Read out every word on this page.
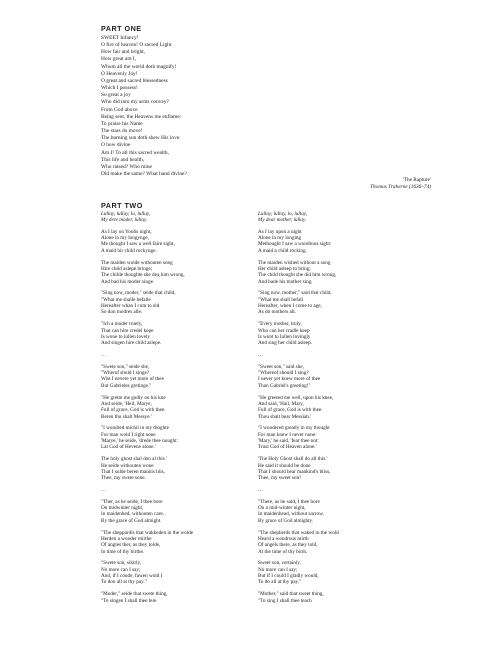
PART ONE
SWEET Infancy!
O fire of heaven! O sacred Light
How fair and bright,
How great am I,
Whom all the world doth magnify!
O Heavenly Joy!
O great and sacred blessedness
Which I possess!
So great a joy
Who did into my arms convey?
From God above
Being sent, the Heavens me enflame:
To praise his Name
The stars do move!
The burning sun doth shew His love.
O how divine
Am I! To all this sacred wealth,
This life and health,
Who raised? Who mine
Did make the same? What hand divine?
'The Rapture'
Thomas Traherne (1636–74)
PART TWO
Lullay, lullay, la, lullay,
My dere moder, lullay.
As I lay on Yoolis night,
Alone in my longynge,
Me thought I saw a well faire sight,
A maid hir child rockynge.
The maiden wolde withouten song
Hire child aslepe bringe;
The childe thoughte she dед him wrong,
And bad his moder singe.
"Sing now, moder," seide that child,
"What me shalle befalle
Hereafter whan I cum to eld
So don modres alle.
"Ich a moder truely,
That can hire credel kepe
Is wone to lullen lovely
And singen hire child aslepe.
…
"Swete son," seide she,
"Wherof shuld I singe?
Wist I nevere yet more of thee
But Gabrieles gretinge."
"He grette me godly on his kne
And seide, 'Heil, Marye,
Full of grace, God is with thee.
Beren thu shalt Messye.'
"I wondred michil in my thoghte
For man wold I right none
'Marye,' he seide, 'drede thee nought:
Lat God of Hevene alone.'
The holy ghost shal don al this.'
He seide withouten wone
That I sulde beren mannis blis,
Thee, my swete sone.
…
"Ther, as he seide, I thee bore
On midwinter night,
In maidenhed, withouten care,
By the grace of God almight.
"The sheppardis that wakkeden in the wolde
Herden a wonder mirthe
Of angles ther, as they tolde,
In time of thy birthe.
"Swete son, sikirly,
No more can I say;
And, if I coude, fawen wold I
To don all at thy pay."
"Moder," seide that swete thing,
"To singen I shall thee lere
Lullay, lullay, la, lullay,
My dear mother, lullay.
As I lay upon a night
Alone in my longing
Methought I saw a wondrous sight:
A maid a child rocking.
The maiden wished without a song
Her child asleep to bring;
The child thought she did him wrong,
And bade his mother sing.
"Sing now, mother," said that child,
"What me shall befall
Hereafter, when I come to age,
As do mothers all.
"Every mother, truly,
Who can her cradle keep
Is wont to lullen lovingly
And sing her child asleep.
…
"Sweet son," said she,
"Whereof should I sing?
I never yet knew more of thee
Than Gabriel's greeting!"
"He greeted me well, upon his knee,
And said, 'Hail, Mary,
Full of grace, God is with thee.
Thou shalt bear Messiah.'
"I wondered greatly in my thought
For man knew I never none:
'Mary,' he said, 'fear thee not:
Trust God of Heaven alone.'
'The Holy Ghost shall do all this.'
He said it should be done
That I should bear mankind's bliss,
Thee, my sweet son!
…
"There, as he said, I thee bore
On a mid-winter night,
In maidenhead, without sorrow,
By grace of God almighty.
"The shepherds that waked in the wold
Heard a wondrous mirth
Of angels there, as they told,
At the time of thy birth.
Sweet son, certainly,
No more can I say;
But if I could I gladly would,
To do all at thy pay."
"Mother," said that sweet thing,
"To sing I shall thee teach
